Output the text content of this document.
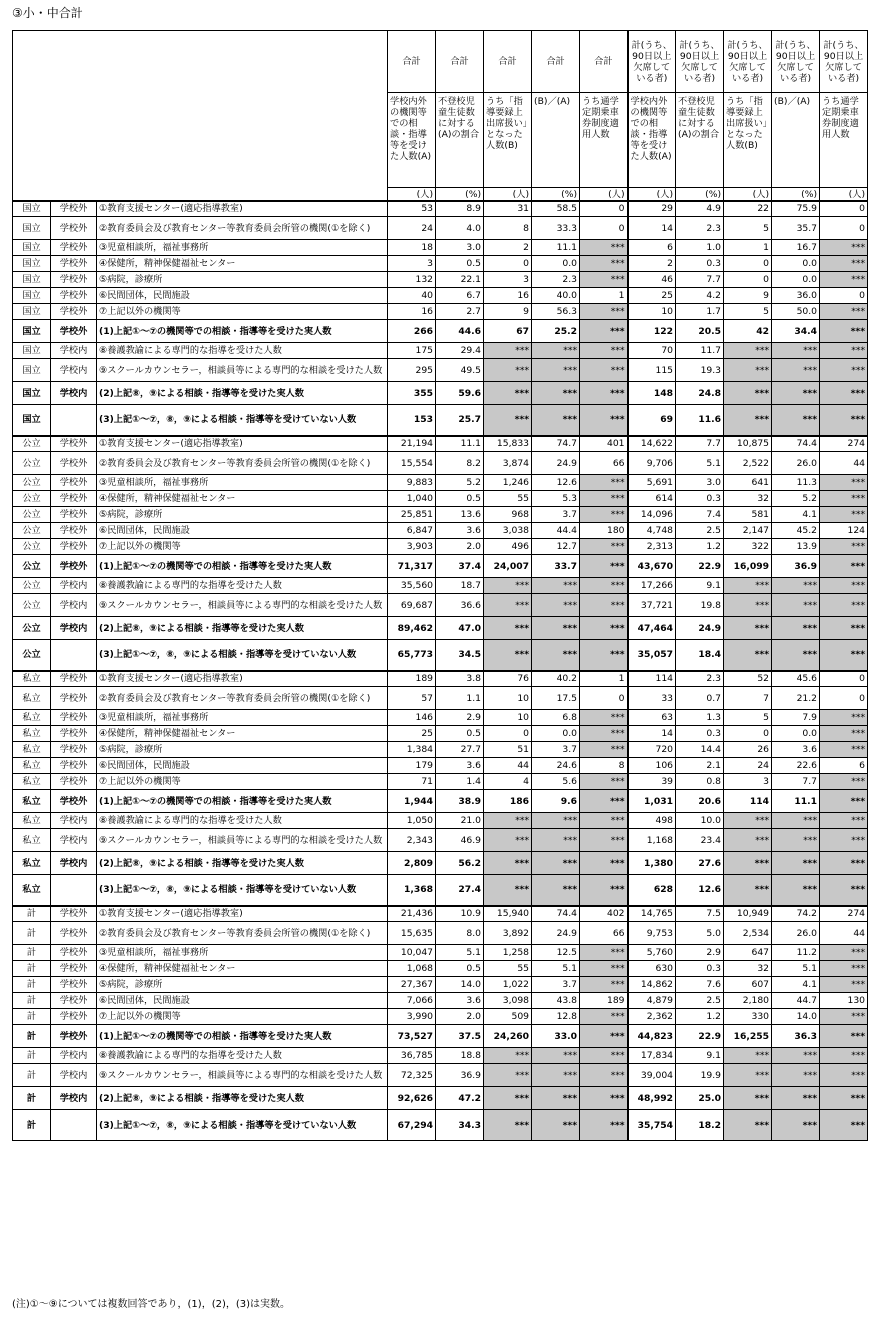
③小・中合計
			合計	合計	合計	合計	合計	計(うち、90日以上欠席している者)	計(うち、90日以上欠席している者)	計(うち、90日以上欠席している者)	計(うち、90日以上欠席している者)	計(うち、90日以上欠席している者)
			学校内外の機関等での相談・指導等を受けた人数(A)	不登校児童生徒数に対する(A)の割合	うち「指導要録上出席扱い」となった人数(B)	(B)／(A)	うち通学定期乗車券制度適用人数	学校内外の機関等での相談・指導等を受けた人数(A)	不登校児童生徒数に対する(A)の割合	うち「指導要録上出席扱い」となった人数(B)	(B)／(A)	うち通学定期乗車券制度適用人数
			(人)	(%)	(人)	(%)	(人)	(人)	(%)	(人)	(%)	(人)
国立	学校外	①教育支援センター(適応指導教室)	53	8.9	31	58.5	0	29	4.9	22	75.9	0
国立	学校外	②教育委員会及び教育センター等教育委員会所管の機関(①を除く)	24	4.0	8	33.3	0	14	2.3	5	35.7	0
国立	学校外	③児童相談所，福祉事務所	18	3.0	2	11.1	***	6	1.0	1	16.7	***
国立	学校外	④保健所，精神保健福祉センター	3	0.5	0	0.0	***	2	0.3	0	0.0	***
国立	学校外	⑤病院，診療所	132	22.1	3	2.3	***	46	7.7	0	0.0	***
国立	学校外	⑥民間団体，民間施設	40	6.7	16	40.0	1	25	4.2	9	36.0	0
国立	学校外	⑦上記以外の機関等	16	2.7	9	56.3	***	10	1.7	5	50.0	***
国立	学校外	(1)上記①～⑦の機関等での相談・指導等を受けた実人数	266	44.6	67	25.2	***	122	20.5	42	34.4	***
国立	学校内	⑧養護教諭による専門的な指導を受けた人数	175	29.4	***	***	***	70	11.7	***	***	***
国立	学校内	⑨スクールカウンセラー，相談員等による専門的な相談を受けた人数	295	49.5	***	***	***	115	19.3	***	***	***
国立	学校内	(2)上記⑧，⑨による相談・指導等を受けた実人数	355	59.6	***	***	***	148	24.8	***	***	***
国立		(3)上記①～⑦，⑧，⑨による相談・指導等を受けていない人数	153	25.7	***	***	***	69	11.6	***	***	***
公立	学校外	①教育支援センター(適応指導教室)	21,194	11.1	15,833	74.7	401	14,622	7.7	10,875	74.4	274
公立	学校外	②教育委員会及び教育センター等教育委員会所管の機関(①を除く)	15,554	8.2	3,874	24.9	66	9,706	5.1	2,522	26.0	44
公立	学校外	③児童相談所，福祉事務所	9,883	5.2	1,246	12.6	***	5,691	3.0	641	11.3	***
公立	学校外	④保健所，精神保健福祉センター	1,040	0.5	55	5.3	***	614	0.3	32	5.2	***
公立	学校外	⑤病院，診療所	25,851	13.6	968	3.7	***	14,096	7.4	581	4.1	***
公立	学校外	⑥民間団体，民間施設	6,847	3.6	3,038	44.4	180	4,748	2.5	2,147	45.2	124
公立	学校外	⑦上記以外の機関等	3,903	2.0	496	12.7	***	2,313	1.2	322	13.9	***
公立	学校外	(1)上記①～⑦の機関等での相談・指導等を受けた実人数	71,317	37.4	24,007	33.7	***	43,670	22.9	16,099	36.9	***
公立	学校内	⑧養護教諭による専門的な指導を受けた人数	35,560	18.7	***	***	***	17,266	9.1	***	***	***
公立	学校内	⑨スクールカウンセラー，相談員等による専門的な相談を受けた人数	69,687	36.6	***	***	***	37,721	19.8	***	***	***
公立	学校内	(2)上記⑧，⑨による相談・指導等を受けた実人数	89,462	47.0	***	***	***	47,464	24.9	***	***	***
公立		(3)上記①～⑦，⑧，⑨による相談・指導等を受けていない人数	65,773	34.5	***	***	***	35,057	18.4	***	***	***
私立	学校外	①教育支援センター(適応指導教室)	189	3.8	76	40.2	1	114	2.3	52	45.6	0
私立	学校外	②教育委員会及び教育センター等教育委員会所管の機関(①を除く)	57	1.1	10	17.5	0	33	0.7	7	21.2	0
私立	学校外	③児童相談所，福祉事務所	146	2.9	10	6.8	***	63	1.3	5	7.9	***
私立	学校外	④保健所，精神保健福祉センター	25	0.5	0	0.0	***	14	0.3	0	0.0	***
私立	学校外	⑤病院，診療所	1,384	27.7	51	3.7	***	720	14.4	26	3.6	***
私立	学校外	⑥民間団体，民間施設	179	3.6	44	24.6	8	106	2.1	24	22.6	6
私立	学校外	⑦上記以外の機関等	71	1.4	4	5.6	***	39	0.8	3	7.7	***
私立	学校外	(1)上記①～⑦の機関等での相談・指導等を受けた実人数	1,944	38.9	186	9.6	***	1,031	20.6	114	11.1	***
私立	学校内	⑧養護教諭による専門的な指導を受けた人数	1,050	21.0	***	***	***	498	10.0	***	***	***
私立	学校内	⑨スクールカウンセラー，相談員等による専門的な相談を受けた人数	2,343	46.9	***	***	***	1,168	23.4	***	***	***
私立	学校内	(2)上記⑧，⑨による相談・指導等を受けた実人数	2,809	56.2	***	***	***	1,380	27.6	***	***	***
私立		(3)上記①～⑦，⑧，⑨による相談・指導等を受けていない人数	1,368	27.4	***	***	***	628	12.6	***	***	***
計	学校外	①教育支援センター(適応指導教室)	21,436	10.9	15,940	74.4	402	14,765	7.5	10,949	74.2	274
計	学校外	②教育委員会及び教育センター等教育委員会所管の機関(①を除く)	15,635	8.0	3,892	24.9	66	9,753	5.0	2,534	26.0	44
計	学校外	③児童相談所，福祉事務所	10,047	5.1	1,258	12.5	***	5,760	2.9	647	11.2	***
計	学校外	④保健所，精神保健福祉センター	1,068	0.5	55	5.1	***	630	0.3	32	5.1	***
計	学校外	⑤病院，診療所	27,367	14.0	1,022	3.7	***	14,862	7.6	607	4.1	***
計	学校外	⑥民間団体，民間施設	7,066	3.6	3,098	43.8	189	4,879	2.5	2,180	44.7	130
計	学校外	⑦上記以外の機関等	3,990	2.0	509	12.8	***	2,362	1.2	330	14.0	***
計	学校外	(1)上記①～⑦の機関等での相談・指導等を受けた実人数	73,527	37.5	24,260	33.0	***	44,823	22.9	16,255	36.3	***
計	学校内	⑧養護教諭による専門的な指導を受けた人数	36,785	18.8	***	***	***	17,834	9.1	***	***	***
計	学校内	⑨スクールカウンセラー，相談員等による専門的な相談を受けた人数	72,325	36.9	***	***	***	39,004	19.9	***	***	***
計	学校内	(2)上記⑧，⑨による相談・指導等を受けた実人数	92,626	47.2	***	***	***	48,992	25.0	***	***	***
計		(3)上記①～⑦，⑧，⑨による相談・指導等を受けていない人数	67,294	34.3	***	***	***	35,754	18.2	***	***	***
(注)①～⑨については複数回答であり，(1)，(2)，(3)は実数。
